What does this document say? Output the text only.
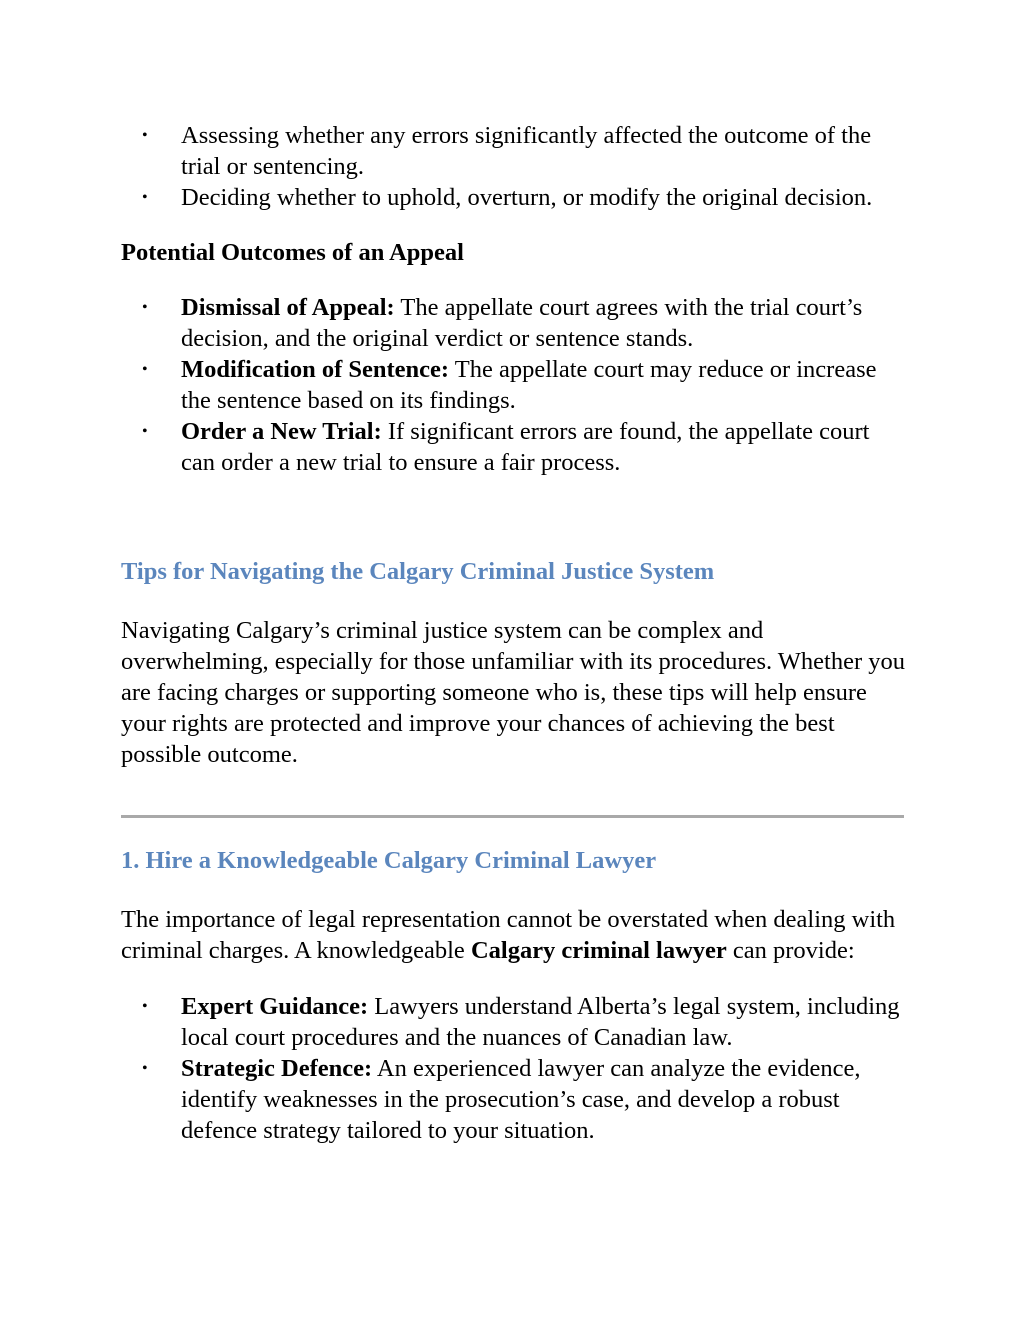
• Assessing whether any errors significantly affected the outcome of the trial or sentencing.
• Deciding whether to uphold, overturn, or modify the original decision.
Potential Outcomes of an Appeal
• Dismissal of Appeal: The appellate court agrees with the trial court’s decision, and the original verdict or sentence stands.
• Modification of Sentence: The appellate court may reduce or increase the sentence based on its findings.
• Order a New Trial: If significant errors are found, the appellate court can order a new trial to ensure a fair process.
Tips for Navigating the Calgary Criminal Justice System

Navigating Calgary’s criminal justice system can be complex and overwhelming, especially for those unfamiliar with its procedures. Whether you are facing charges or supporting someone who is, these tips will help ensure your rights are protected and improve your chances of achieving the best possible outcome.

1. Hire a Knowledgeable Calgary Criminal Lawyer

The importance of legal representation cannot be overstated when dealing with criminal charges. A knowledgeable Calgary criminal lawyer can provide:

• Expert Guidance: Lawyers understand Alberta’s legal system, including local court procedures and the nuances of Canadian law.
• Strategic Defence: An experienced lawyer can analyze the evidence, identify weaknesses in the prosecution’s case, and develop a robust defence strategy tailored to your situation.
